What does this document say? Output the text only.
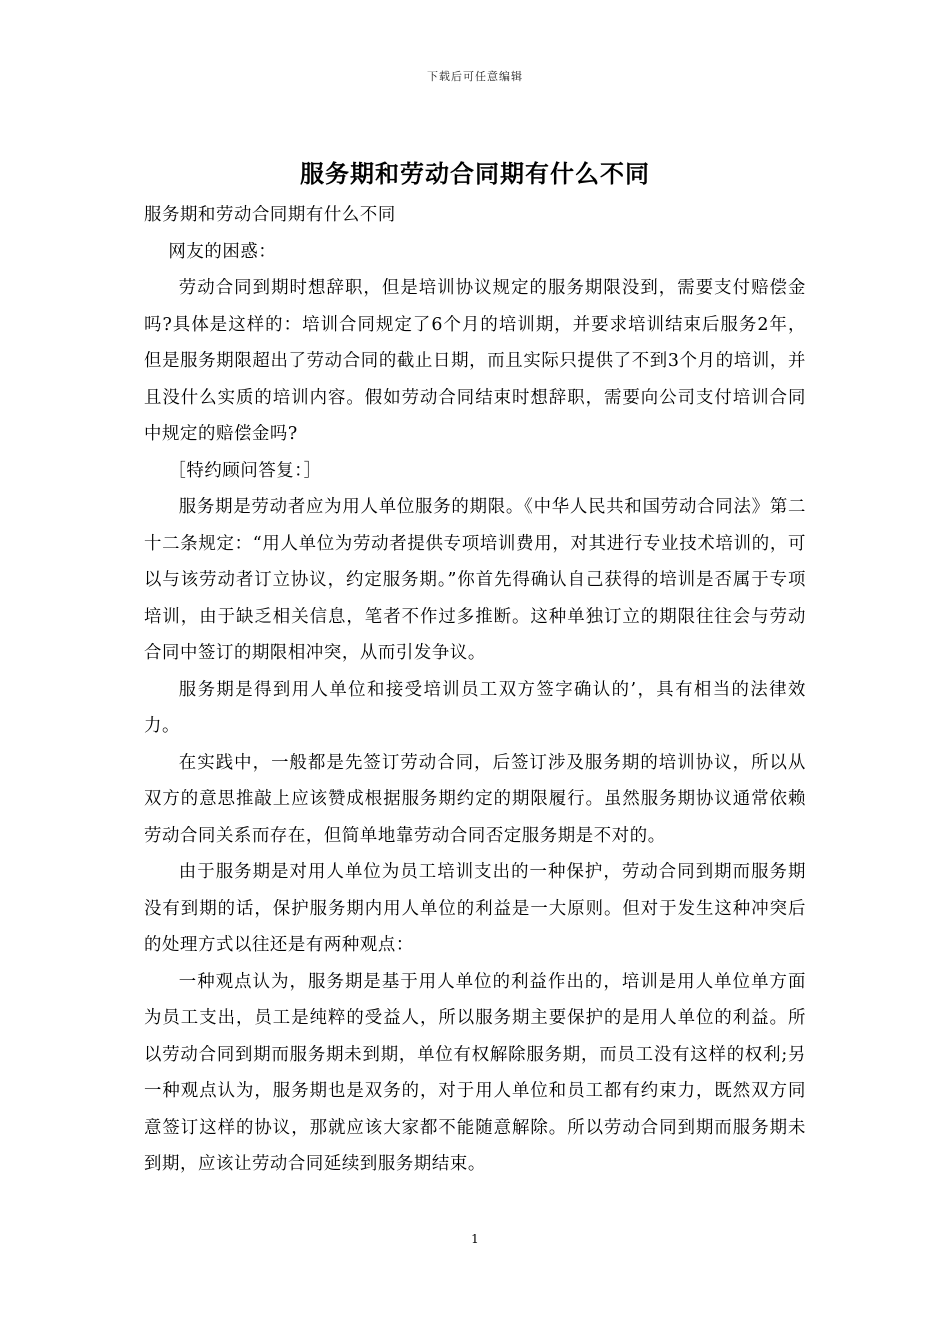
下载后可任意编辑
服务期和劳动合同期有什么不同

服务期和劳动合同期有什么不同

网友的困惑：

劳动合同到期时想辞职，但是培训协议规定的服务期限没到，需要支付赔偿金吗?具体是这样的：培训合同规定了6个月的培训期，并要求培训结束后服务2年，但是服务期限超出了劳动合同的截止日期，而且实际只提供了不到3个月的培训，并且没什么实质的培训内容。假如劳动合同结束时想辞职，需要向公司支付培训合同中规定的赔偿金吗?

［特约顾问答复：］

服务期是劳动者应为用人单位服务的期限。《中华人民共和国劳动合同法》第二十二条规定：“用人单位为劳动者提供专项培训费用，对其进行专业技术培训的，可以与该劳动者订立协议，约定服务期。”你首先得确认自己获得的培训是否属于专项培训，由于缺乏相关信息，笔者不作过多推断。这种单独订立的期限往往会与劳动合同中签订的期限相冲突，从而引发争议。

服务期是得到用人单位和接受培训员工双方签字确认的’，具有相当的法律效力。

在实践中，一般都是先签订劳动合同，后签订涉及服务期的培训协议，所以从双方的意思推敲上应该赞成根据服务期约定的期限履行。虽然服务期协议通常依赖劳动合同关系而存在，但简单地靠劳动合同否定服务期是不对的。

由于服务期是对用人单位为员工培训支出的一种保护，劳动合同到期而服务期没有到期的话，保护服务期内用人单位的利益是一大原则。但对于发生这种冲突后的处理方式以往还是有两种观点：

一种观点认为，服务期是基于用人单位的利益作出的，培训是用人单位单方面为员工支出，员工是纯粹的受益人，所以服务期主要保护的是用人单位的利益。所以劳动合同到期而服务期未到期，单位有权解除服务期，而员工没有这样的权利;另一种观点认为，服务期也是双务的，对于用人单位和员工都有约束力，既然双方同意签订这样的协议，那就应该大家都不能随意解除。所以劳动合同到期而服务期未到期，应该让劳动合同延续到服务期结束。

1
